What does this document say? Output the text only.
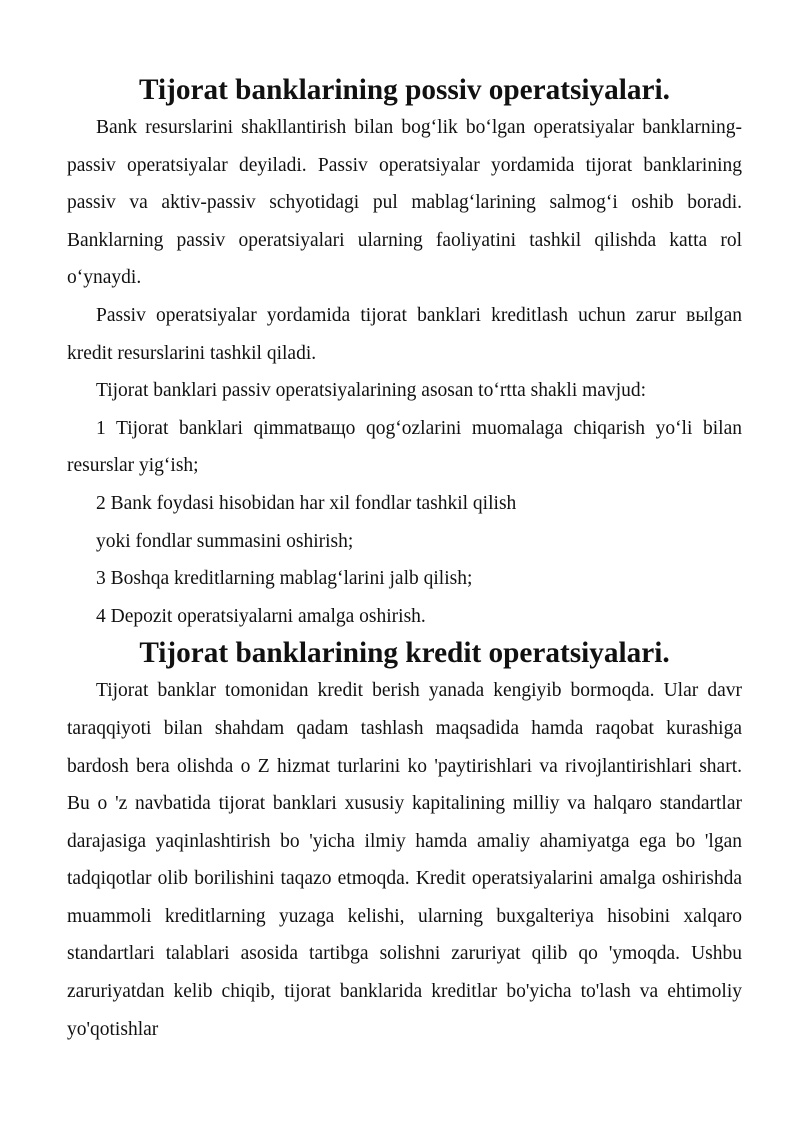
Tijorat banklarining possiv operatsiyalari.

Bank resurslarini shakllantirish bilan bog‘lik bo‘lgan operatsiyalar banklarning- passiv operatsiyalar deyiladi. Passiv operatsiyalar yordamida tijorat banklarining passiv va aktiv-passiv schyotidagi pul mablag‘larining salmog‘i oshib boradi. Banklarning passiv operatsiyalari ularning faoliyatini tashkil qilishda katta rol o‘ynaydi.

Passiv operatsiyalar yordamida tijorat banklari kreditlash uchun zarur выlgan kredit resurslarini tashkil qiladi.

Tijorat banklari passiv operatsiyalarining asosan to‘rtta shakli mavjud:

1 Tijorat banklari qimmatващо qog‘ozlarini muomalaga chiqarish yo‘li bilan resurslar yig‘ish;

2 Bank foydasi hisobidan har xil fondlar tashkil qilish

yoki fondlar summasini oshirish;

3 Boshqa kreditlarning mablag‘larini jalb qilish;

4 Depozit operatsiyalarni amalga oshirish.

Tijorat banklarining kredit operatsiyalari.

Tijorat banklar tomonidan kredit berish yanada kengiyib bormoqda. Ular davr taraqqiyoti bilan shahdam qadam tashlash maqsadida hamda raqobat kurashiga bardosh bera olishda o Z hizmat turlarini ko 'paytirishlari va rivojlantirishlari shart. Bu o 'z navbatida tijorat banklari xususiy kapitalining milliy va halqaro standartlar darajasiga yaqinlashtirish bo 'yicha ilmiy hamda amaliy ahamiyatga ega bo 'lgan tadqiqotlar olib borilishini taqazo etmoqda. Kredit operatsiyalarini amalga oshirishda muammoli kreditlarning yuzaga kelishi, ularning buxgalteriya hisobini xalqaro standartlari talablari asosida tartibga solishni zaruriyat qilib qo 'ymoqda. Ushbu zaruriyatdan kelib chiqib, tijorat banklarida kreditlar bo'yicha to'lash va ehtimoliy yo'qotishlar
